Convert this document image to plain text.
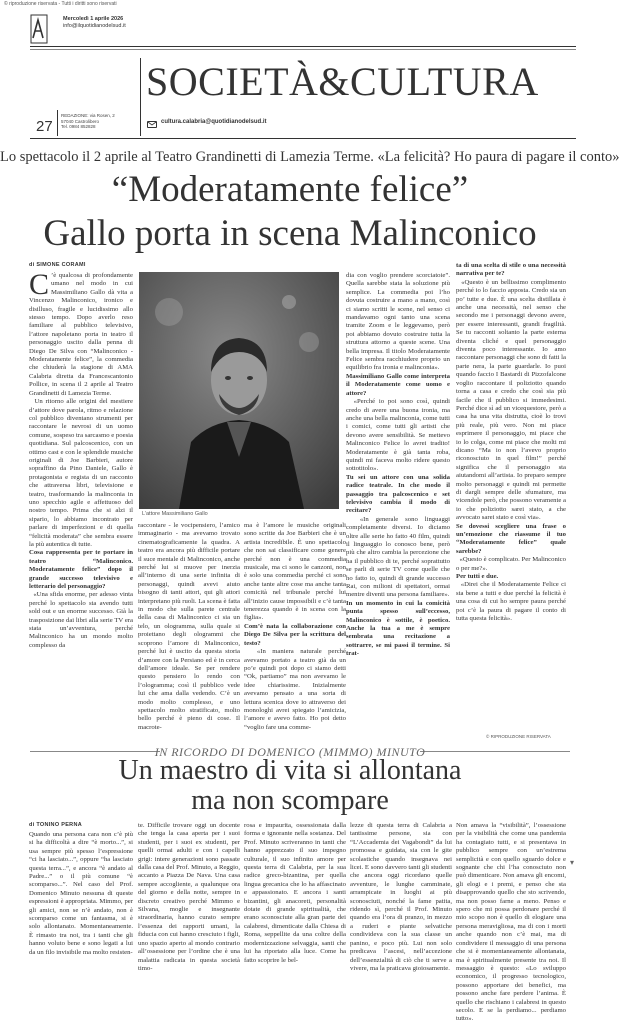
© riproduzione riservata - Tutti i diritti sono riservati
Mercoledì 1 aprile 2026
info@ilquotidianodelsud.it
27
REDAZIONE: via Rosen, 2
57040 Castrolibero
Tel. 0984 852828
SOCIETÀ&CULTURA
cultura.calabria@quotidianodelsud.it
Lo spettacolo il 2 aprile al Teatro Grandinetti di Lamezia Terme. «La felicità? Ho paura di pagare il conto»
“Moderatamente felice”
Gallo porta in scena Malinconico
di SIMONE CORAMI

C ’è qualcosa di profondamente umano nel modo in cui Massimiliano Gallo dà vita a Vincenzo Malinconico, ironico e disilluso, fragile e lucidissimo allo stesso tempo. Dopo averlo reso familiare al pubblico televisivo, l’attore napoletano porta in teatro il personaggio uscito dalla penna di Diego De Silva con “Malinconico - Moderatamente felice”, la commedia che chiuderà la stagione di AMA Calabria diretta da Francescantonio Pollice, in scena il 2 aprile al Teatro Grandinetti di Lamezia Terme.

Un ritorno alle origini del mestiere d’attore dove parola, ritmo e relazione col pubblico diventano strumenti per raccontare le nevrosi di un uomo comune, sospeso tra sarcasmo e poesia quotidiana. Sul palcoscenico, con un ottimo cast e con le splendide musiche originali di Joe Barbieri, autore sopraffino da Pino Daniele, Gallo è protagonista e regista di un racconto che attraversa libri, televisione e teatro, trasformando la malinconia in uno specchio agile e affettuoso del nostro tempo. Prima che si alzi il sipario, lo abbiamo incontrato per parlare di imperfezioni e di quella “felicità moderata” che sembra essere la più autentica di tutte.

Cosa rappresenta per te portare in teatro “Malinconico. Moderatamente felice” dopo il grande successo televisivo e letterario del personaggio?

«Una sfida enorme, per adesso vinta perché lo spettacolo sta avendo tutti sold out e un enorme successo. Già la trasposizione dai libri alla serie TV era stata un’avventura, perché Malinconico ha un mondo molto complesso da

L’attore Massimiliano Gallo

raccontare - le vocipensiero, l’amico immaginario - ma avevamo trovato cinematograficamente la quadra. A teatro era ancora più difficile portare il suce mentale di Malinconico, anche perché lui si muove per inerzia all’interno di una serie infinita di personaggi, quindi avevi aiuto bisogno di tanti attori, qui gli attori interpretano più ruoli. La scena è fatta in modo che sulla parete centrale della casa di Malinconico ci sia un telo, un ologramma, sulla quale si proiettano degli ologrammi che scoprono l’amore di Malinconico, perché lui è uscito da questa storia d’amore con la Persiano ed è in cerca dell’amore ideale. Se per rendere questo pensiero lo rendo con l’ologramma; così il pubblico vede lui che ama dalla vedendo. C’è un modo molto complesso, e uno spettacolo molto stratificato, molto bello perché è pieno di cose. Il macrote-

ma è l’amore le musiche originali sono scritte da Joe Barbieri che è un artista incredibile. È uno spettacolo che non sai classificare come genere perché non è una commedia musicale, ma ci sono le canzoni, non è solo una commedia perché ci sono anche tante altre cose ma anche tanta comicità nel tribunale perché lui all’inizio cause impossibili e c’è tanta tenerezza quando è in scena con la figlia».

Com’è nata la collaborazione con Diego De Silva per la scrittura del testo?

«In maniera naturale perché avevamo portato a teatro già da un po’e quindi poi dopo ci siamo detti “Ok, partiamo” ma non avevamo le idee chiarissime. Inizialmente avevamo pensato a una sorta di lettura scenica dove io attraverso dei monologhi avrei spiegato l’amicizia, l’amore e avevo fatto. Ho poi detto “voglio fare una comme-

dia con voglio prendere scorciatoie”. Quella sarebbe stata la soluzione più semplice. La commedia poi l’ho dovuta costruire a mano a mano, così ci siamo scritti le scene, nel senso ci mandavamo ogni tanto una scena tramite Zoom e le leggevamo, però poi abbiamo dovuto costruire tutta la struttura attorno a queste scene. Una bella impresa. Il titolo Moderatamente Felice sembra racchiudere proprio un equilibrio fra ironia e malinconia».

Massimiliano Gallo come interpreta il Moderatamente come uomo e attore?

«Perché io poi sono così, quindi credo di avere una buona ironia, ma anche una bella malinconia, come tutti i comici, come tutti gli artisti che devono avere sensibilità. Se mettevo Malinconico Felice lo avrei tradito! Moderatamente è già tanta roba, quindi mi faceva molto ridere questo sottotitolo».

Tu sei un attore con una solida radice teatrale. In che modo il passaggio tra palcoscenico e set televisivo cambia il modo di recitare?

«In generale sono linguaggi completamente diversi. Io diciamo oltre alle serie ho fatto 40 film, quindi il linguaggio lo conosco bene, però più che altro cambia la percezione che ha il pubblico di te, perché soprattutto se parli di serie TV come quelle che ho fatto io, quindi di grande successo Rai, con milioni di spettatori, ormai mentre diventi una persona familiare».

In un momento in cui la comicità punta spesso sull’eccesso, Malinconico è sottile, è poetico. Anche la tua a me è sempre sembrata una recitazione a sottrarre, se mi passi il termine. Si trat-

ta di una scelta di stile o una necessità narrativa per te?

«Questo è un bellissimo complimento perché io lo faccio apposta. Credo sia un po’ tutte e due. È una scelta distillata è anche una necessità, nel senso che secondo me i personaggi devono avere, per essere interessanti, grandi fragilità. Se tu racconti soltanto la parte esterna diventa cliché e quel personaggio diventa poco interessante. Io amo raccontare personaggi che sono di fatti la parte nera, la parte guardarle. Io puoi quando faccio I Bastardi di Pizzofalcone voglio raccontare il poliziotto quando torna a casa e credo che così sia più facile che il pubblico si immedesimi. Perché dice sì ad un vicequestore, però a casa ha una vita distrutta, cioè lo trovi più reale, più vero. Non mi piace esprimere il personaggio, mi piace che io lo colga, come mi piace che molti mi dicano “Ma io non l’avevo proprio riconosciuto in quel film!” perché significa che il personaggio sta aiutandomi all’artista. Io preparo sempre molto personaggi e quindi mi permette di dargli sempre delle sfumature, ma vicendole però, che possono veramente a io che poliziotto sarei stato, a che avvocato sarei stato e così via».

Se dovessi scegliere una frase o un’emozione che riassume il tuo “Moderatamente felice” quale sarebbe?

«Questo è complicato. Per Malinconico o per me?».

Per tutti e due.

«Direi che il Moderatamente Felice ci sta bene a tutti e due perché la felicità è una cosa di cui ho sempre paura perché poi c’è la paura di pagare il conto di tutta questa felicità».

© RIPRODUZIONE RISERVATA
IN RICORDO DI DOMENICO (MIMMO) MINUTO
Un maestro di vita si allontana
ma non scompare
di TONINO PERNA

Quando una persona cara non c’è più si ha difficoltà a dire “è morto...”, si usa sempre più spesso l’espressione “ci ha lasciato...”, oppure “ha lasciato questa terra...”, e ancora “è andato al Padre...” o il più comune “è scomparso...”. Nel caso del Prof. Domenico Minuto nessuna di queste espressioni è appropriata. Mimmo, per gli amici, non se n’è andato, non è scomparso come un fantasma, si è solo allontanato. Momentaneamente. È rimasto tra noi, tra i tanti che gli hanno voluto bene e sono legati a lui da un filo invisibile ma molto resisten-

te. Difficile trovare oggi un docente che tenga la casa aperta per i suoi studenti, per i suoi ex studenti, per quelli ormai adulti e con i capelli grigi: intere generazioni sono passate dalla casa del Prof. Minuto, a Reggio, accanto a Piazza De Nava. Una casa sempre accogliente, a qualunque ora del giorno e della notte, sempre in discreto creativo perché Mimmo e Silvana, moglie e insegnante straordinaria, hanno curato sempre l’essenza dei rapporti umani, la fiducia con cui hanno cresciuto i figli, uno spazio aperto al mondo contrario all’ossessione per l’ordine che è una malattia radicata in questa società timo-

rosa e impaurita, ossessionata dalla forma e ignorante nella sostanza. Del Prof. Minuto scriveranno in tanti che hanno apprezzato il suo impegno culturale, il suo infinito amore per questa terra di Calabria, per la sua radice greco-bizantina, per quella lingua grecanica che lo ha affascinato e appassionato. E ancora i santi bizantini, gli anacoreti, personalità dotate di grande spiritualità, che erano sconosciute alla gran parte dei calabresi, dimenticate dalla Chiesa di Roma, seppellite da una coltre della modernizzazione selvaggia, santi che lui ha riportato alla luce. Come ha fatto scoprire le bel-

lezze di questa terra di Calabria a tantissime persone, sia con “L’Accademia dei Vagabondi” da lui promossa e guidata, sia con le gite scolastiche quando insegnava nei licei. E sono davvero tanti gli studenti che ancora oggi ricordano quelle avventure, le lunghe camminate, arrampicate in luoghi ai più sconosciuti, nonché la fame patita, ridendo sì, perché il Prof. Minuto quando era l’ora di pranzo, in mezzo a ruderi e piante selvatiche condivideva con la sua classe un panino, e poco più. Lui non solo predicava l’ascesi, nell’accezione dell’essenzialità di ciò che ti serve a vivere, ma la praticava gioiosamente.

Non amava la “visibilità”, l’ossessione per la visibilità che come una pandemia ha contagiato tutti, e si presentava in pubblico sempre con un’estrema semplicità e con quello sguardo dolce e sognante che chi l’ha conosciuto non può dimenticare. Non amava gli encomi, gli elogi e i premi, e penso che sta disapprovando quello che sto scrivendo, ma non posso farne a meno. Penso e spero che mi possa perdonare perché il mio scopo non è quello di elogiare una persona meravigliosa, ma di con i morti anche quando non c’è mai, ma di condividere il messaggio di una persona che si è momentaneamente allontanata, ma è spiritualmente presente tra noi. Il messaggio è questo: «Lo sviluppo economico, il progresso tecnologico, possono apportare dei benefici, ma possono anche fare perdere l’anima. È quello che rischiano i calabresi in questo secolo. E se la perdiamo... perdiamo tutto».

▾
